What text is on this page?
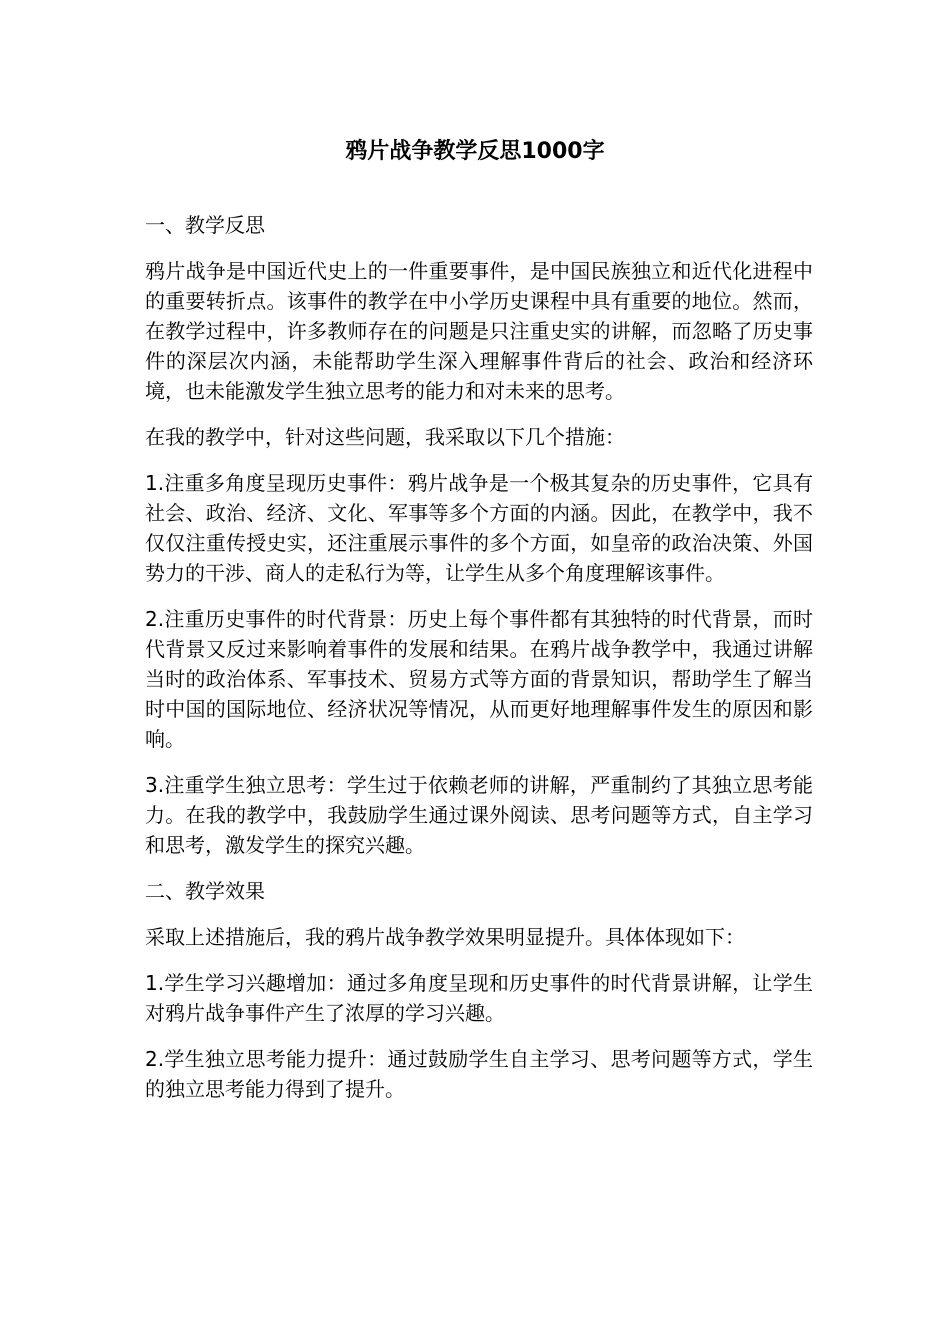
鸦片战争教学反思1000字

一、教学反思

鸦片战争是中国近代史上的一件重要事件，是中国民族独立和近代化进程中的重要转折点。该事件的教学在中小学历史课程中具有重要的地位。然而，在教学过程中，许多教师存在的问题是只注重史实的讲解，而忽略了历史事件的深层次内涵，未能帮助学生深入理解事件背后的社会、政治和经济环境，也未能激发学生独立思考的能力和对未来的思考。

在我的教学中，针对这些问题，我采取以下几个措施：

1.注重多角度呈现历史事件：鸦片战争是一个极其复杂的历史事件，它具有社会、政治、经济、文化、军事等多个方面的内涵。因此，在教学中，我不仅仅注重传授史实，还注重展示事件的多个方面，如皇帝的政治决策、外国势力的干涉、商人的走私行为等，让学生从多个角度理解该事件。

2.注重历史事件的时代背景：历史上每个事件都有其独特的时代背景，而时代背景又反过来影响着事件的发展和结果。在鸦片战争教学中，我通过讲解当时的政治体系、军事技术、贸易方式等方面的背景知识，帮助学生了解当时中国的国际地位、经济状况等情况，从而更好地理解事件发生的原因和影响。

3.注重学生独立思考：学生过于依赖老师的讲解，严重制约了其独立思考能力。在我的教学中，我鼓励学生通过课外阅读、思考问题等方式，自主学习和思考，激发学生的探究兴趣。

二、教学效果

采取上述措施后，我的鸦片战争教学效果明显提升。具体体现如下：

1.学生学习兴趣增加：通过多角度呈现和历史事件的时代背景讲解，让学生对鸦片战争事件产生了浓厚的学习兴趣。

2.学生独立思考能力提升：通过鼓励学生自主学习、思考问题等方式，学生的独立思考能力得到了提升。
